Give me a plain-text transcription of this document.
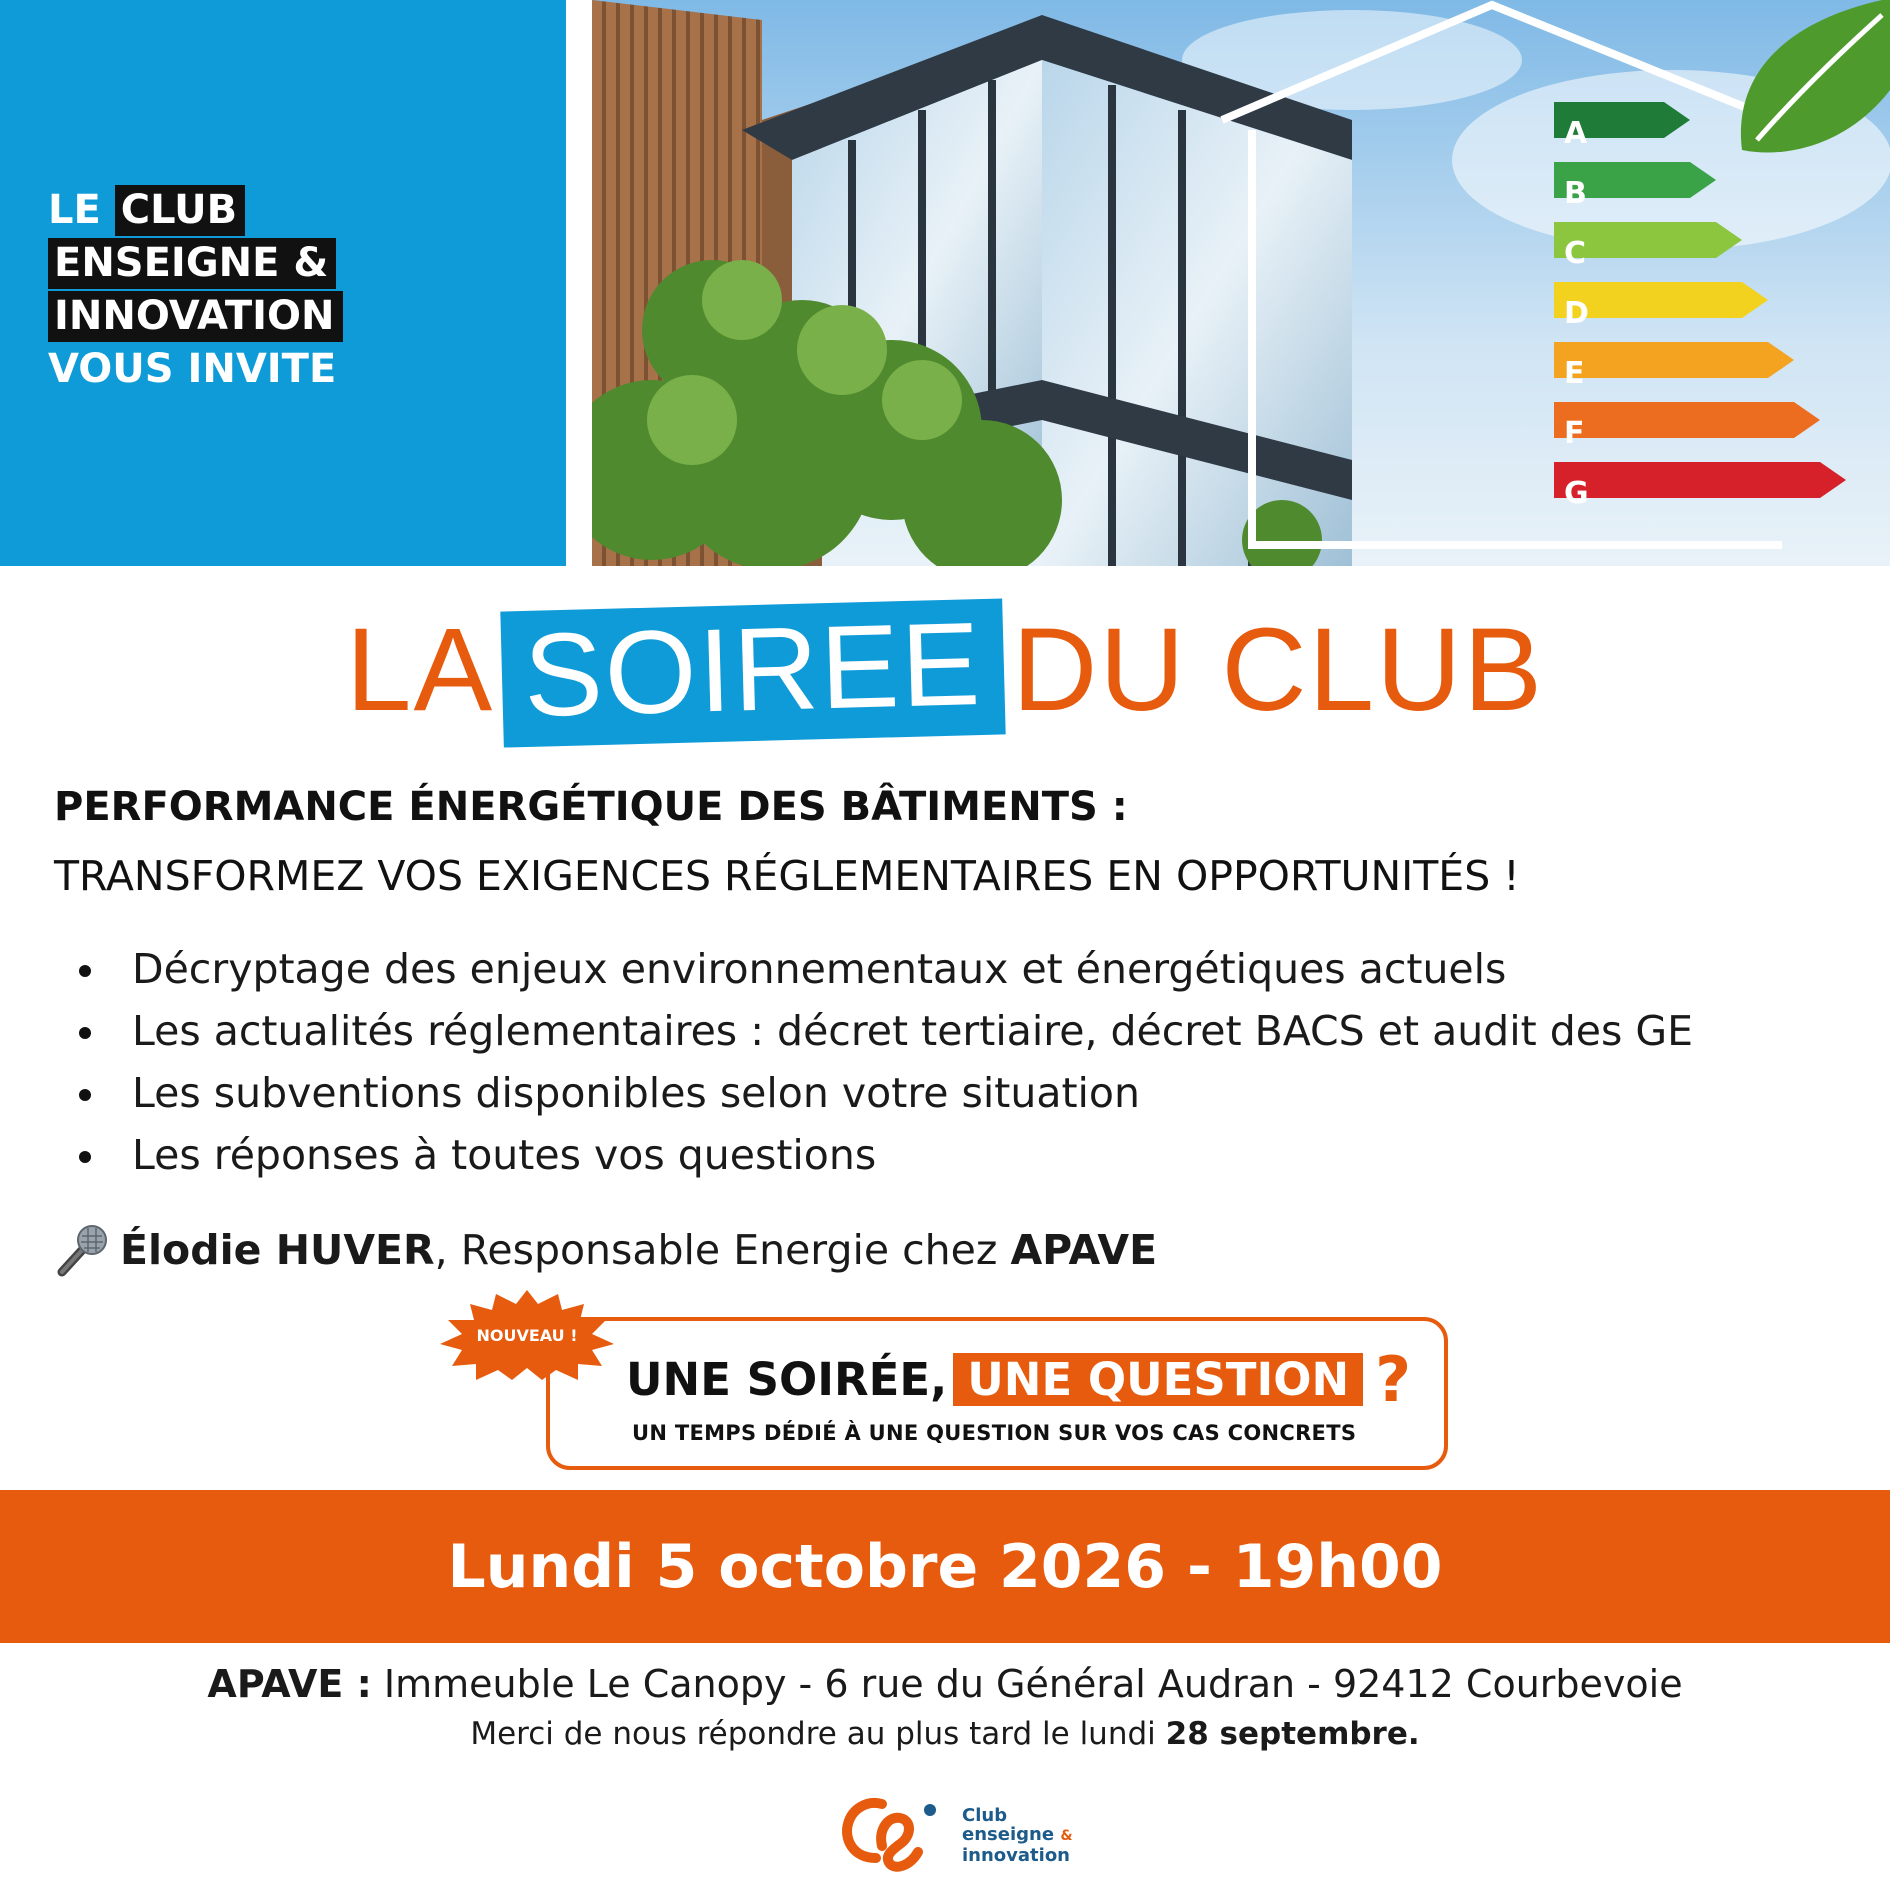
LE CLUB
ENSEIGNE &
INNOVATION
VOUS INVITE
A
B
C
D
E
F
G
LA SOIREE DU CLUB
PERFORMANCE ÉNERGÉTIQUE DES BÂTIMENTS :
TRANSFORMEZ VOS EXIGENCES RÉGLEMENTAIRES EN OPPORTUNITÉS !
Décryptage des enjeux environnementaux et énergétiques actuels
Les actualités réglementaires : décret tertiaire, décret BACS et audit des GE
Les subventions disponibles selon votre situation
Les réponses à toutes vos questions
Élodie HUVER, Responsable Energie chez APAVE
UNE SOIRÉE, UNE QUESTION ?
UN TEMPS DÉDIÉ À UNE QUESTION SUR VOS CAS CONCRETS
NOUVEAU !
Lundi 5 octobre 2026 - 19h00
APAVE : Immeuble Le Canopy - 6 rue du Général Audran - 92412 Courbevoie
Merci de nous répondre au plus tard le lundi 28 septembre.
Club
enseigne &
innovation
